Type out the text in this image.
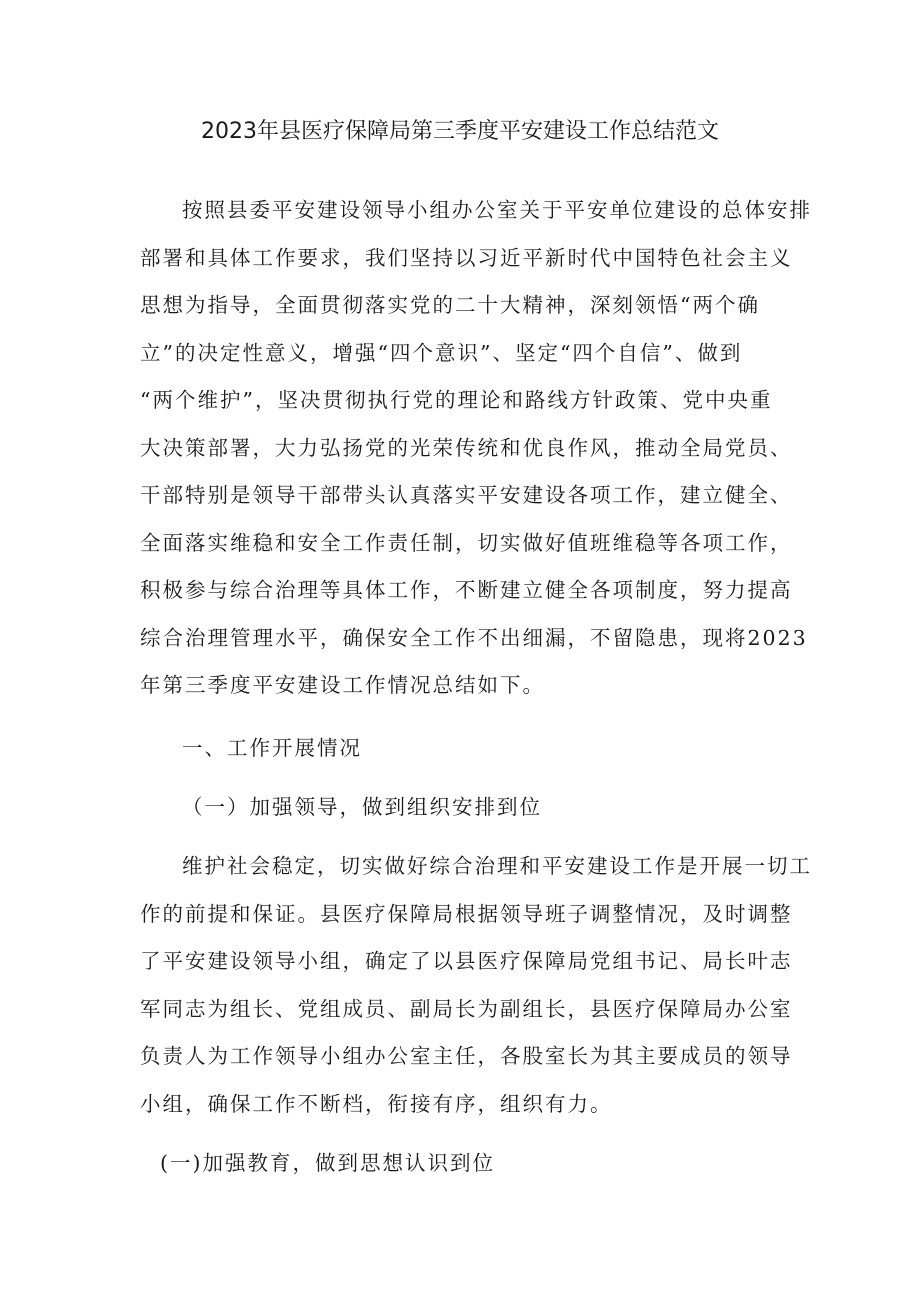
2023年县医疗保障局第三季度平安建设工作总结范文

按照县委平安建设领导小组办公室关于平安单位建设的总体安排
部署和具体工作要求，我们坚持以习近平新时代中国特色社会主义
思想为指导，全面贯彻落实党的二十大精神，深刻领悟“两个确
立”的决定性意义，增强“四个意识”、坚定“四个自信”、做到
“两个维护”，坚决贯彻执行党的理论和路线方针政策、党中央重
大决策部署，大力弘扬党的光荣传统和优良作风，推动全局党员、
干部特别是领导干部带头认真落实平安建设各项工作，建立健全、
全面落实维稳和安全工作责任制，切实做好值班维稳等各项工作，
积极参与综合治理等具体工作，不断建立健全各项制度，努力提高
综合治理管理水平，确保安全工作不出细漏，不留隐患，现将2023
年第三季度平安建设工作情况总结如下。

一、工作开展情况
（一）加强领导，做到组织安排到位

维护社会稳定，切实做好综合治理和平安建设工作是开展一切工
作的前提和保证。县医疗保障局根据领导班子调整情况，及时调整
了平安建设领导小组，确定了以县医疗保障局党组书记、局长叶志
军同志为组长、党组成员、副局长为副组长，县医疗保障局办公室
负责人为工作领导小组办公室主任，各股室长为其主要成员的领导
小组，确保工作不断档，衔接有序，组织有力。

(一)加强教育，做到思想认识到位
